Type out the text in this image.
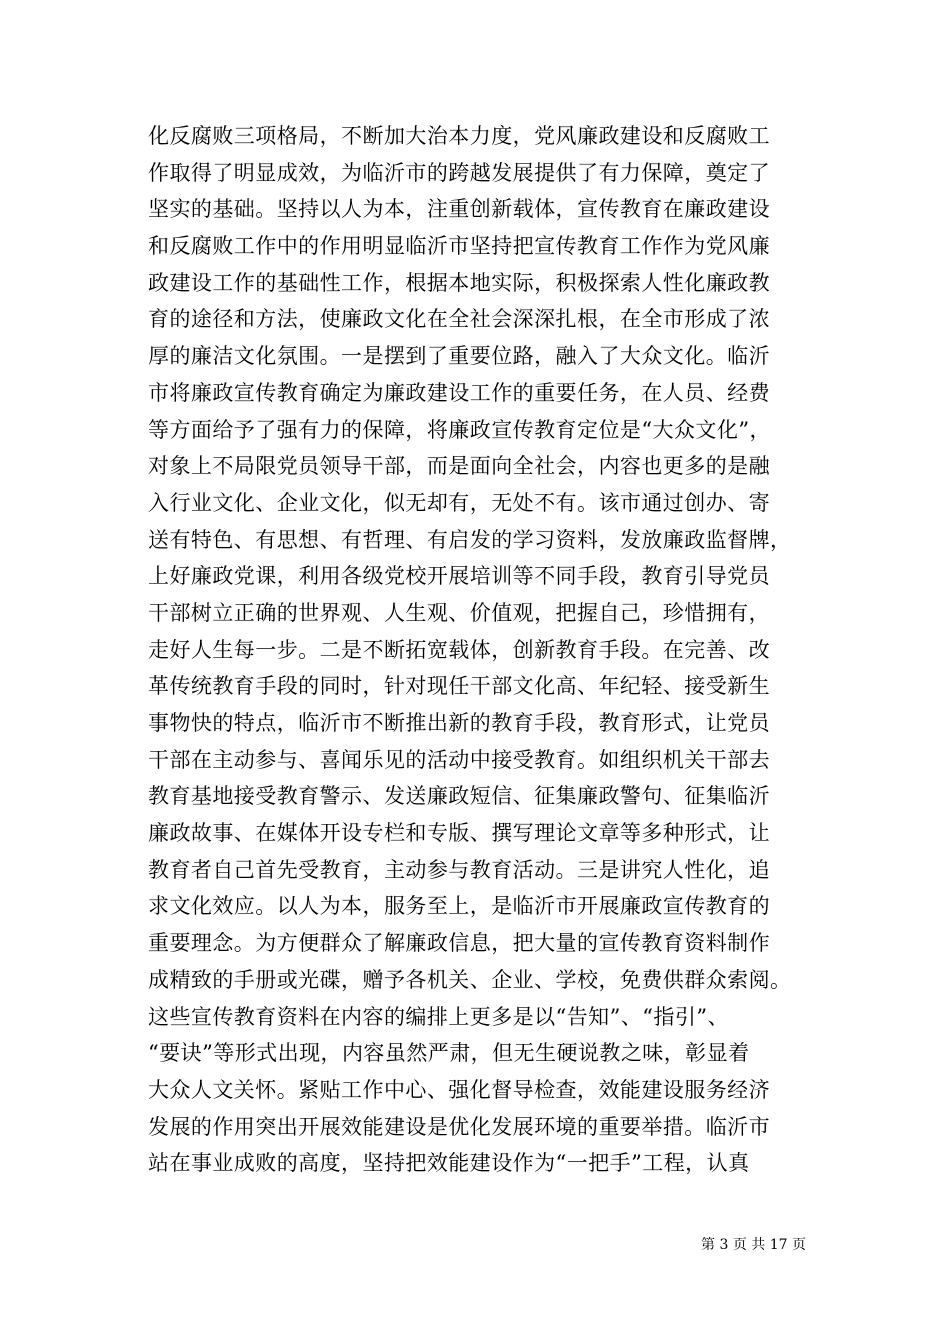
化反腐败三项格局，不断加大治本力度，党风廉政建设和反腐败工
作取得了明显成效，为临沂市的跨越发展提供了有力保障，奠定了
坚实的基础。坚持以人为本，注重创新载体，宣传教育在廉政建设
和反腐败工作中的作用明显临沂市坚持把宣传教育工作作为党风廉
政建设工作的基础性工作，根据本地实际，积极探索人性化廉政教
育的途径和方法，使廉政文化在全社会深深扎根，在全市形成了浓
厚的廉洁文化氛围。一是摆到了重要位路，融入了大众文化。临沂
市将廉政宣传教育确定为廉政建设工作的重要任务，在人员、经费
等方面给予了强有力的保障，将廉政宣传教育定位是“大众文化”，
对象上不局限党员领导干部，而是面向全社会，内容也更多的是融
入行业文化、企业文化，似无却有，无处不有。该市通过创办、寄
送有特色、有思想、有哲理、有启发的学习资料，发放廉政监督牌，
上好廉政党课，利用各级党校开展培训等不同手段，教育引导党员
干部树立正确的世界观、人生观、价值观，把握自己，珍惜拥有，
走好人生每一步。二是不断拓宽载体，创新教育手段。在完善、改
革传统教育手段的同时，针对现任干部文化高、年纪轻、接受新生
事物快的特点，临沂市不断推出新的教育手段，教育形式，让党员
干部在主动参与、喜闻乐见的活动中接受教育。如组织机关干部去
教育基地接受教育警示、发送廉政短信、征集廉政警句、征集临沂
廉政故事、在媒体开设专栏和专版、撰写理论文章等多种形式，让
教育者自己首先受教育，主动参与教育活动。三是讲究人性化，追
求文化效应。以人为本，服务至上，是临沂市开展廉政宣传教育的
重要理念。为方便群众了解廉政信息，把大量的宣传教育资料制作
成精致的手册或光碟，赠予各机关、企业、学校，免费供群众索阅。
这些宣传教育资料在内容的编排上更多是以“告知”、“指引”、
“要诀”等形式出现，内容虽然严肃，但无生硬说教之味，彰显着
大众人文关怀。紧贴工作中心、强化督导检查，效能建设服务经济
发展的作用突出开展效能建设是优化发展环境的重要举措。临沂市
站在事业成败的高度，坚持把效能建设作为“一把手”工程，认真
第 3 页 共 17 页
